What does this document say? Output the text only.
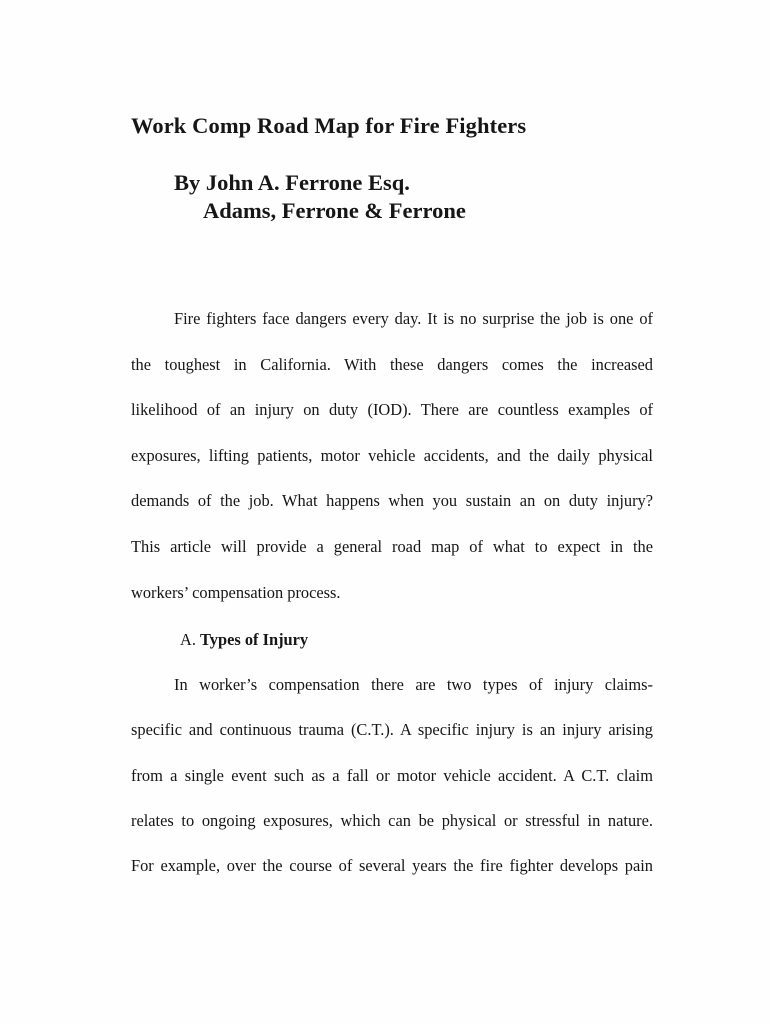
Work Comp Road Map for Fire Fighters
By John A. Ferrone Esq.
Adams, Ferrone & Ferrone

Fire fighters face dangers every day. It is no surprise the job is one of

the toughest in California. With these dangers comes the increased

likelihood of an injury on duty (IOD). There are countless examples of

exposures, lifting patients, motor vehicle accidents, and the daily physical

demands of the job. What happens when you sustain an on duty injury?

This article will provide a general road map of what to expect in the

workers’ compensation process.

A. Types of Injury

In worker’s compensation there are two types of injury claims-

specific and continuous trauma (C.T.). A specific injury is an injury arising

from a single event such as a fall or motor vehicle accident. A C.T. claim

relates to ongoing exposures, which can be physical or stressful in nature.

For example, over the course of several years the fire fighter develops pain
